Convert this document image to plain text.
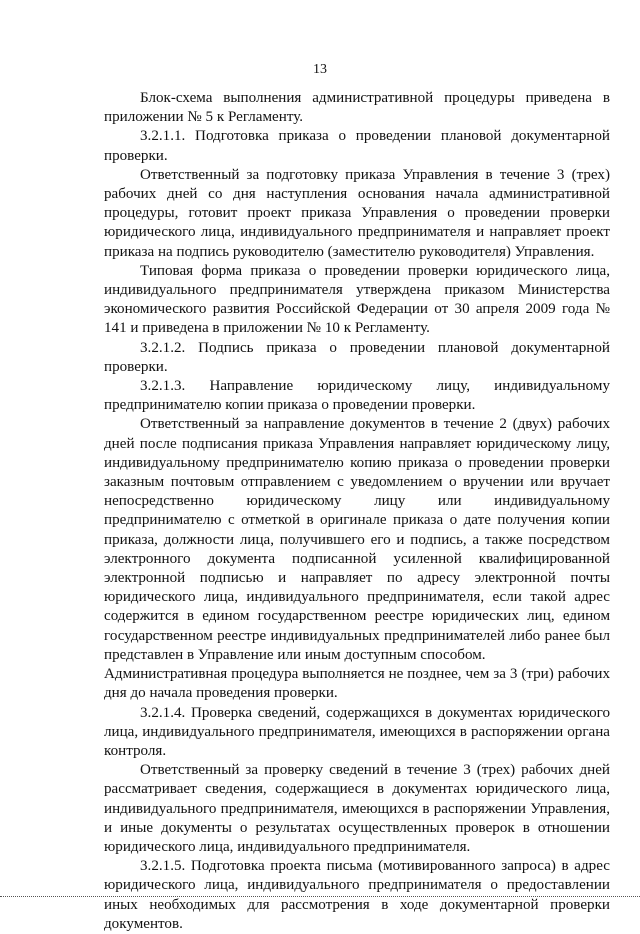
13

Блок-схема выполнения административной процедуры приведена в приложении № 5 к Регламенту.

3.2.1.1. Подготовка приказа о проведении плановой документарной проверки.

Ответственный за подготовку приказа Управления в течение 3 (трех) рабочих дней со дня наступления основания начала административной процедуры, готовит проект приказа Управления о проведении проверки юридического лица, индивидуального предпринимателя и направляет проект приказа на подпись руководителю (заместителю руководителя) Управления.

Типовая форма приказа о проведении проверки юридического лица, индивидуального предпринимателя утверждена приказом Министерства экономического развития Российской Федерации от 30 апреля 2009 года № 141 и приведена в приложении № 10 к Регламенту.

3.2.1.2. Подпись приказа о проведении плановой документарной проверки.

3.2.1.3. Направление юридическому лицу, индивидуальному предпринимателю копии приказа о проведении проверки.

Ответственный за направление документов в течение 2 (двух) рабочих дней после подписания приказа Управления направляет юридическому лицу, индивидуальному предпринимателю копию приказа о проведении проверки заказным почтовым отправлением с уведомлением о вручении или вручает непосредственно юридическому лицу или индивидуальному предпринимателю с отметкой в оригинале приказа о дате получения копии приказа, должности лица, получившего его и подпись, а также посредством электронного документа подписанной усиленной квалифицированной электронной подписью и направляет по адресу электронной почты юридического лица, индивидуального предпринимателя, если такой адрес содержится в едином государственном реестре юридических лиц, едином государственном реестре индивидуальных предпринимателей либо ранее был представлен в Управление или иным доступным способом.

Административная процедура выполняется не позднее, чем за 3 (три) рабочих дня до начала проведения проверки.

3.2.1.4. Проверка сведений, содержащихся в документах юридического лица, индивидуального предпринимателя, имеющихся в распоряжении органа контроля.

Ответственный за проверку сведений в течение 3 (трех) рабочих дней рассматривает сведения, содержащиеся в документах юридического лица, индивидуального предпринимателя, имеющихся в распоряжении Управления, и иные документы о результатах осуществленных проверок в отношении юридического лица, индивидуального предпринимателя.

3.2.1.5. Подготовка проекта письма (мотивированного запроса) в адрес юридического лица, индивидуального предпринимателя о предоставлении иных необходимых для рассмотрения в ходе документарной проверки документов.
